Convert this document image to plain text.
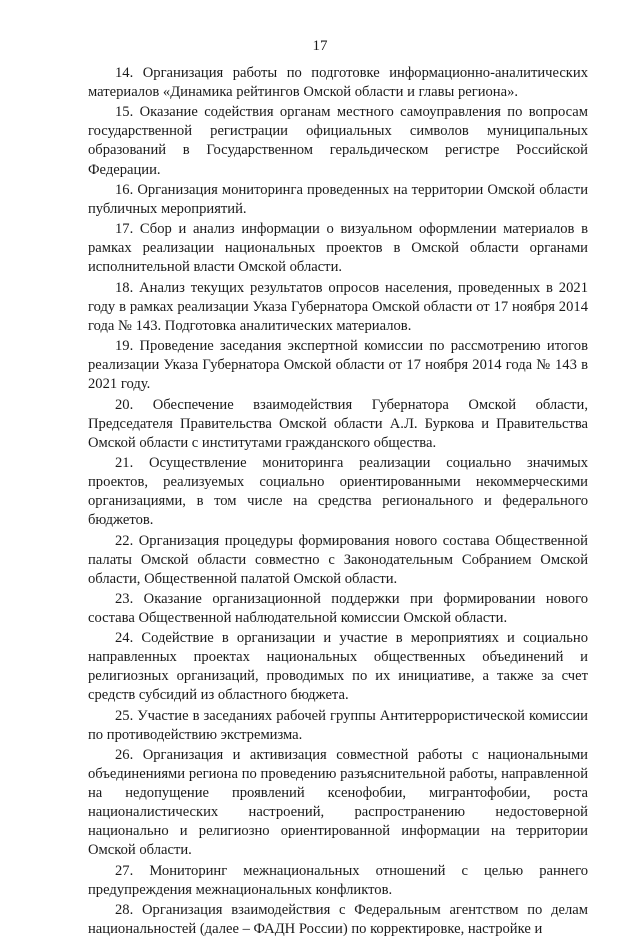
17

14. Организация работы по подготовке информационно-аналитических материалов «Динамика рейтингов Омской области и главы региона».

15. Оказание содействия органам местного самоуправления по вопросам государственной регистрации официальных символов муниципальных образований в Государственном геральдическом регистре Российской Федерации.

16. Организация мониторинга проведенных на территории Омской области публичных мероприятий.

17. Сбор и анализ информации о визуальном оформлении материалов в рамках реализации национальных проектов в Омской области органами исполнительной власти Омской области.

18. Анализ текущих результатов опросов населения, проведенных в 2021 году в рамках реализации Указа Губернатора Омской области от 17 ноября 2014 года № 143. Подготовка аналитических материалов.

19. Проведение заседания экспертной комиссии по рассмотрению итогов реализации Указа Губернатора Омской области от 17 ноября 2014 года № 143 в 2021 году.

20. Обеспечение взаимодействия Губернатора Омской области, Председателя Правительства Омской области А.Л. Буркова и Правительства Омской области с институтами гражданского общества.

21. Осуществление мониторинга реализации социально значимых проектов, реализуемых социально ориентированными некоммерческими организациями, в том числе на средства регионального и федерального бюджетов.

22. Организация процедуры формирования нового состава Общественной палаты Омской области совместно с Законодательным Собранием Омской области, Общественной палатой Омской области.

23. Оказание организационной поддержки при формировании нового состава Общественной наблюдательной комиссии Омской области.

24. Содействие в организации и участие в мероприятиях и социально направленных проектах национальных общественных объединений и религиозных организаций, проводимых по их инициативе, а также за счет средств субсидий из областного бюджета.

25. Участие в заседаниях рабочей группы Антитеррористической комиссии по противодействию экстремизма.

26. Организация и активизация совместной работы с национальными объединениями региона по проведению разъяснительной работы, направленной на недопущение проявлений ксенофобии, мигрантофобии, роста националистических настроений, распространению недостоверной национально и религиозно ориентированной информации на территории Омской области.

27. Мониторинг межнациональных отношений с целью раннего предупреждения межнациональных конфликтов.

28. Организация взаимодействия с Федеральным агентством по делам национальностей (далее – ФАДН России) по корректировке, настройке и
